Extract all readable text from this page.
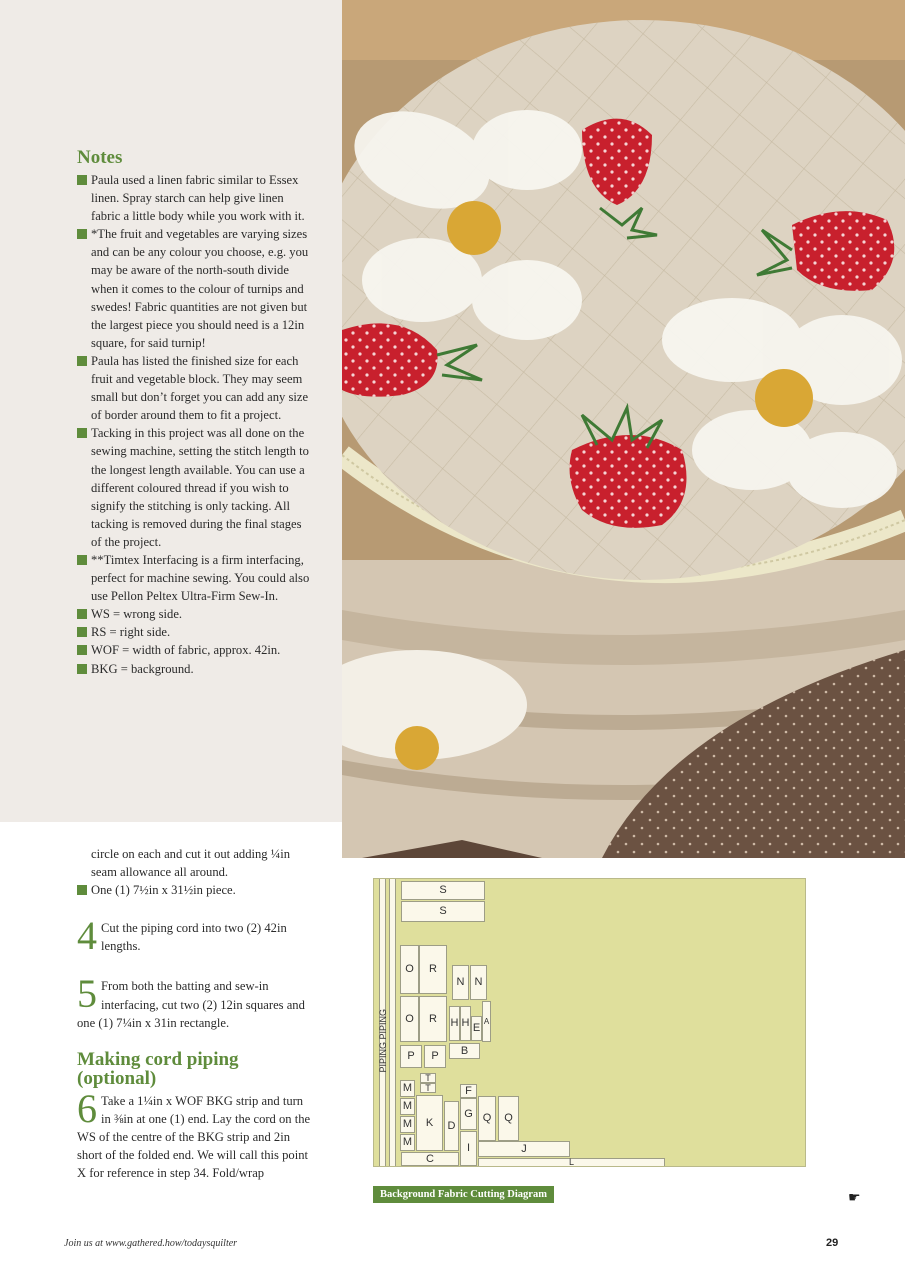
Notes
Paula used a linen fabric similar to Essex linen. Spray starch can help give linen fabric a little body while you work with it.
*The fruit and vegetables are varying sizes and can be any colour you choose, e.g. you may be aware of the north-south divide when it comes to the colour of turnips and swedes! Fabric quantities are not given but the largest piece you should need is a 12in square, for said turnip!
Paula has listed the finished size for each fruit and vegetable block. They may seem small but don’t forget you can add any size of border around them to fit a project.
Tacking in this project was all done on the sewing machine, setting the stitch length to the longest length available. You can use a different coloured thread if you wish to signify the stitching is only tacking. All tacking is removed during the final stages of the project.
**Timtex Interfacing is a firm interfacing, perfect for machine sewing. You could also use Pellon Peltex Ultra-Firm Sew-In.
WS = wrong side.
RS = right side.
WOF = width of fabric, approx. 42in.
BKG = background.

circle on each and cut it out adding ¼in seam allowance all around.

One (1) 7½in x 31½in piece.

4 Cut the piping cord into two (2) 42in lengths.
5 From both the batting and sew-in interfacing, cut two (2) 12in squares and one (1) 7¼in x 31in rectangle.
Making cord piping (optional)
6 Take a 1¼in x WOF BKG strip and turn in ⅜in at one (1) end. Lay the cord on the WS of the centre of the BKG strip and 2in short of the folded end. We will call this point X for reference in step 34. Fold/wrap
PIPING PIPING
S
S
O	R
N N
O	R	H H E
A
B
P	P
T
T	F
M
M
M
M
K	D
G Q	Q
I	J
C	L
Background Fabric Cutting Diagram	☛
Join us at www.gathered.how/todaysquilter	29
